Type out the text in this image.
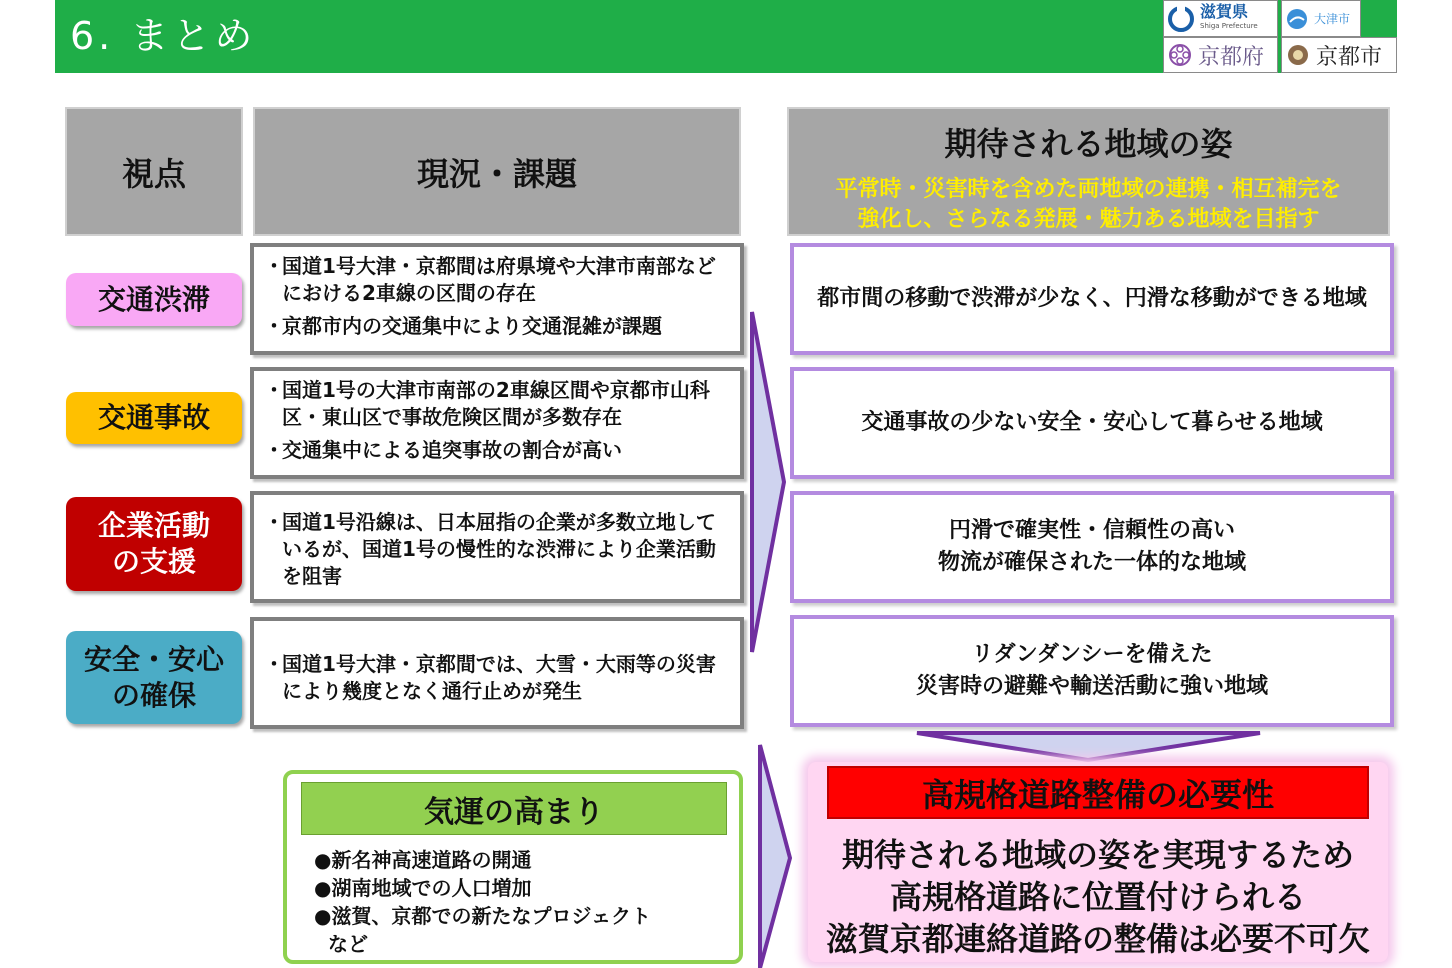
6. まとめ
滋賀県
Shiga Prefecture	大津市
京都府 京都市
視点	現況・課題
期待される地域の姿
平常時・災害時を含めた両地域の連携・相互補完を
強化し、さらなる発展・魅力ある地域を目指す
交通渋滞
交通事故
企業活動
の支援
安全・安心
の確保
・
国道1号大津・京都間は府県境や大津市南部などにおける2車線の区間の存在
・
京都市内の交通集中により交通混雑が課題
・
国道1号の大津市南部の2車線区間や京都市山科区・東山区で事故危険区間が多数存在
・
交通集中による追突事故の割合が高い
・
国道1号沿線は、日本屈指の企業が多数立地しているが、国道1号の慢性的な渋滞により企業活動を阻害
・
国道1号大津・京都間では、大雪・大雨等の災害により幾度となく通行止めが発生
都市間の移動で渋滞が少なく、円滑な移動ができる地域
交通事故の少ない安全・安心して暮らせる地域
円滑で確実性・信頼性の高い
物流が確保された一体的な地域
リダンダンシーを備えた
災害時の避難や輸送活動に強い地域
気運の高まり
●新名神高速道路の開通
●湖南地域での人口増加
●滋賀、京都での新たなプロジェクト
など
高規格道路整備の必要性
期待される地域の姿を実現するため
高規格道路に位置付けられる
滋賀京都連絡道路の整備は必要不可欠
